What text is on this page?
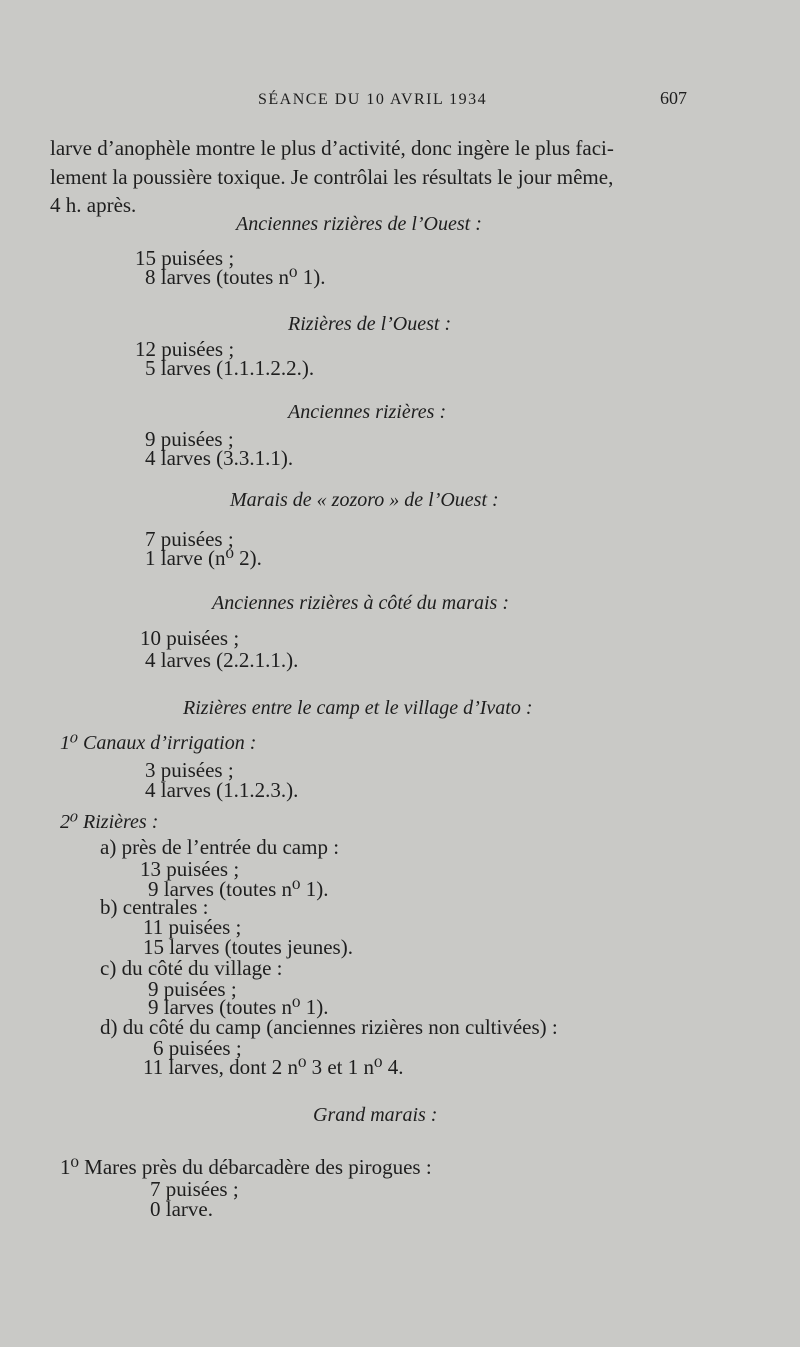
SÉANCE DU 10 AVRIL 1934	607
larve d’anophèle montre le plus d’activité, donc ingère le plus faci-
lement la poussière toxique. Je contrôlai les résultats le jour même,
4 h. après.
Anciennes rizières de l’Ouest :
15 puisées ;
8 larves (toutes n⁰ 1).
Rizières de l’Ouest :
12 puisées ;
5 larves (1.1.1.2.2.).
Anciennes rizières :
9 puisées ;
4 larves (3.3.1.1).
Marais de « zozoro » de l’Ouest :
7 puisées ;
1 larve (n⁰ 2).
Anciennes rizières à côté du marais :
10 puisées ;
4 larves (2.2.1.1.).
Rizières entre le camp et le village d’Ivato :
1⁰ Canaux d’irrigation :
3 puisées ;
4 larves (1.1.2.3.).
2⁰ Rizières :
a) près de l’entrée du camp :
13 puisées ;
9 larves (toutes n⁰ 1).
b) centrales :
11 puisées ;
15 larves (toutes jeunes).
c) du côté du village :
9 puisées ;
9 larves (toutes n⁰ 1).
d) du côté du camp (anciennes rizières non cultivées) :
6 puisées ;
11 larves, dont 2 n⁰ 3 et 1 n⁰ 4.
Grand marais :
1⁰ Mares près du débarcadère des pirogues :
7 puisées ;
0 larve.
